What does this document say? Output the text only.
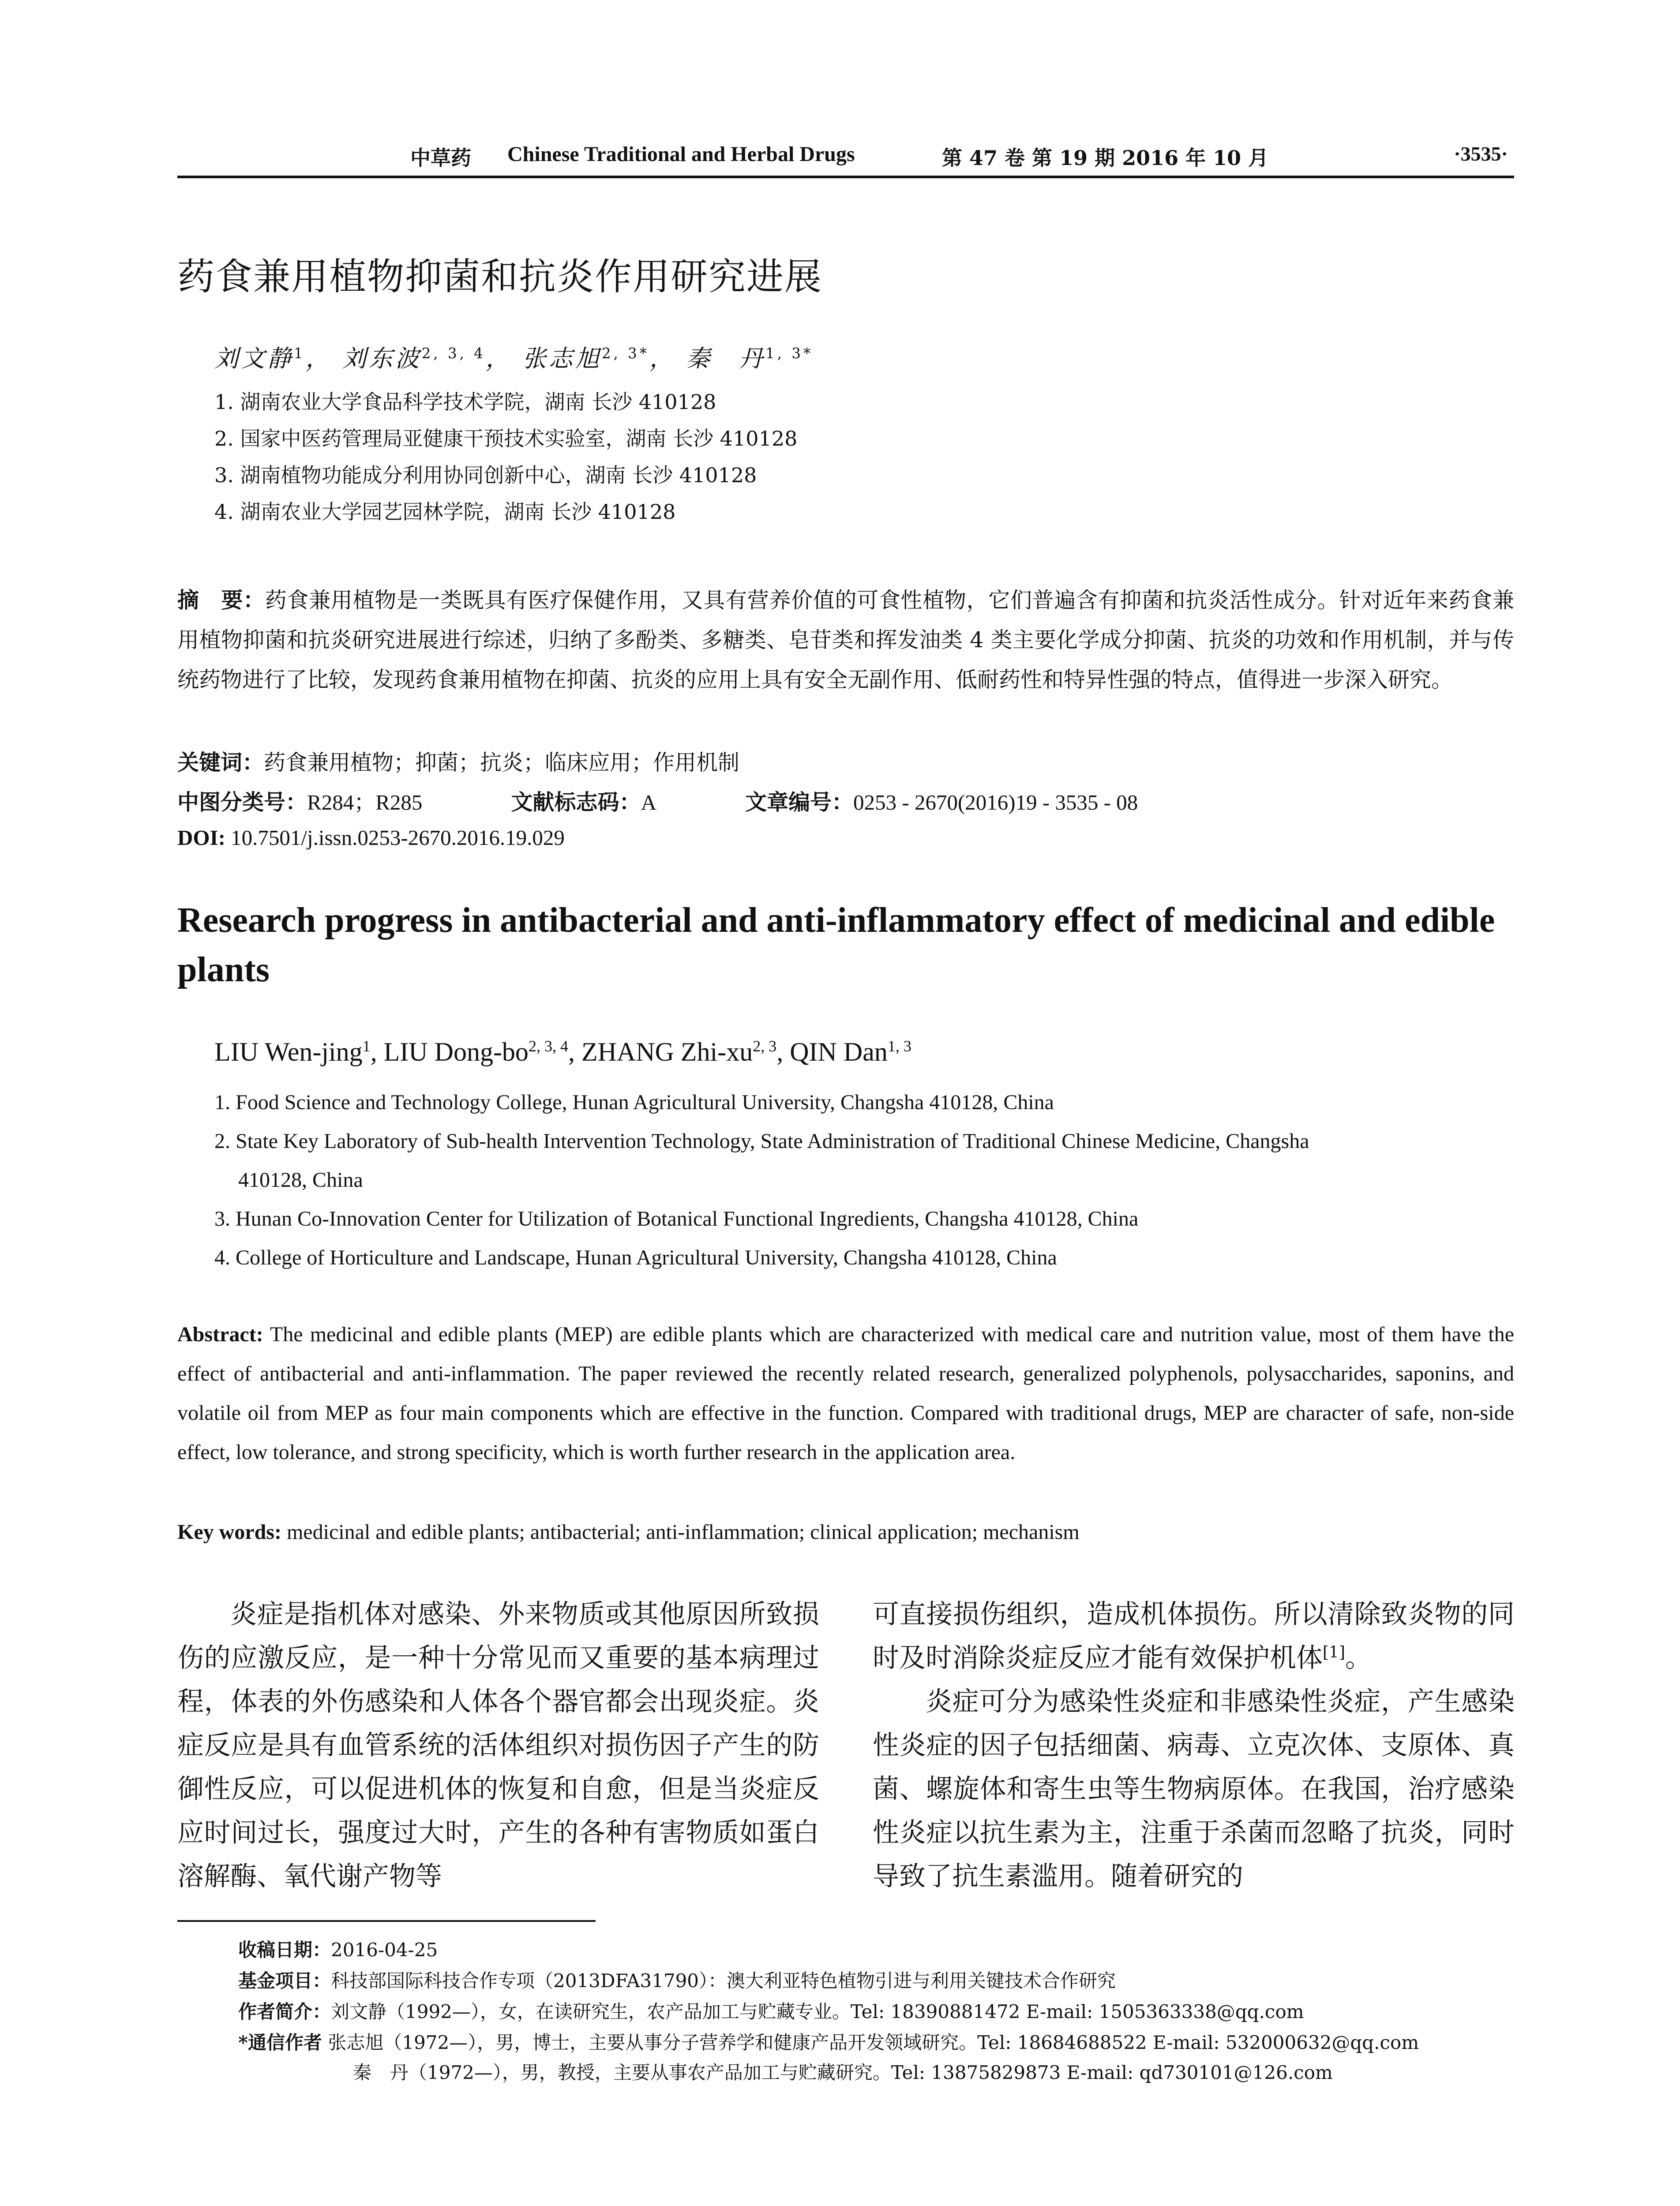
中草药 Chinese Traditional and Herbal Drugs	第 47 卷 第 19 期 2016 年 10 月	·3535·
药食兼用植物抑菌和抗炎作用研究进展
刘文静$^1$， 刘东波$^{2, 3, 4}$， 张志旭$^{2, 3*}$， 秦　丹$^{1, 3*}$
1. 湖南农业大学食品科学技术学院，湖南 长沙 410128
2. 国家中医药管理局亚健康干预技术实验室，湖南 长沙 410128
3. 湖南植物功能成分利用协同创新中心，湖南 长沙 410128
4. 湖南农业大学园艺园林学院，湖南 长沙 410128
摘　要：药食兼用植物是一类既具有医疗保健作用，又具有营养价值的可食性植物，它们普遍含有抑菌和抗炎活性成分。针对近年来药食兼用植物抑菌和抗炎研究进展进行综述，归纳了多酚类、多糖类、皂苷类和挥发油类 4 类主要化学成分抑菌、抗炎的功效和作用机制，并与传统药物进行了比较，发现药食兼用植物在抑菌、抗炎的应用上具有安全无副作用、低耐药性和特异性强的特点，值得进一步深入研究。
关键词：药食兼用植物；抑菌；抗炎；临床应用；作用机制
中图分类号：R284；R285	文献标志码：A	文章编号：0253 - 2670(2016)19 - 3535 - 08
DOI: 10.7501/j.issn.0253-2670.2016.19.029
Research progress in antibacterial and anti-inflammatory effect of medicinal and edible plants
LIU Wen-jing$^1$, LIU Dong-bo$^{2, 3, 4}$, ZHANG Zhi-xu$^{2, 3}$, QIN Dan$^{1, 3}$
1. Food Science and Technology College, Hunan Agricultural University, Changsha 410128, China
2. State Key Laboratory of Sub-health Intervention Technology, State Administration of Traditional Chinese Medicine, Changsha
410128, China
3. Hunan Co-Innovation Center for Utilization of Botanical Functional Ingredients, Changsha 410128, China
4. College of Horticulture and Landscape, Hunan Agricultural University, Changsha 410128, China
Abstract: The medicinal and edible plants (MEP) are edible plants which are characterized with medical care and nutrition value, most of them have the effect of antibacterial and anti-inflammation. The paper reviewed the recently related research, generalized polyphenols, polysaccharides, saponins, and volatile oil from MEP as four main components which are effective in the function. Compared with traditional drugs, MEP are character of safe, non-side effect, low tolerance, and strong specificity, which is worth further research in the application area.
Key words: medicinal and edible plants; antibacterial; anti-inflammation; clinical application; mechanism

炎症是指机体对感染、外来物质或其他原因所致损伤的应激反应，是一种十分常见而又重要的基本病理过程，体表的外伤感染和人体各个器官都会出现炎症。炎症反应是具有血管系统的活体组织对损伤因子产生的防御性反应，可以促进机体的恢复和自愈，但是当炎症反应时间过长，强度过大时，产生的各种有害物质如蛋白溶解酶、氧代谢产物等

可直接损伤组织，造成机体损伤。所以清除致炎物的同时及时消除炎症反应才能有效保护机体[1]。

炎症可分为感染性炎症和非感染性炎症，产生感染性炎症的因子包括细菌、病毒、立克次体、支原体、真菌、螺旋体和寄生虫等生物病原体。在我国，治疗感染性炎症以抗生素为主，注重于杀菌而忽略了抗炎，同时导致了抗生素滥用。随着研究的

收稿日期：2016-04-25
基金项目：科技部国际科技合作专项（2013DFA31790）：澳大利亚特色植物引进与利用关键技术合作研究
作者简介：刘文静（1992—），女，在读研究生，农产品加工与贮藏专业。Tel: 18390881472 E-mail: 1505363338@qq.com
*通信作者 张志旭（1972—），男，博士，主要从事分子营养学和健康产品开发领域研究。Tel: 18684688522 E-mail: 532000632@qq.com
秦　丹（1972—），男，教授，主要从事农产品加工与贮藏研究。Tel: 13875829873 E-mail: qd730101@126.com
